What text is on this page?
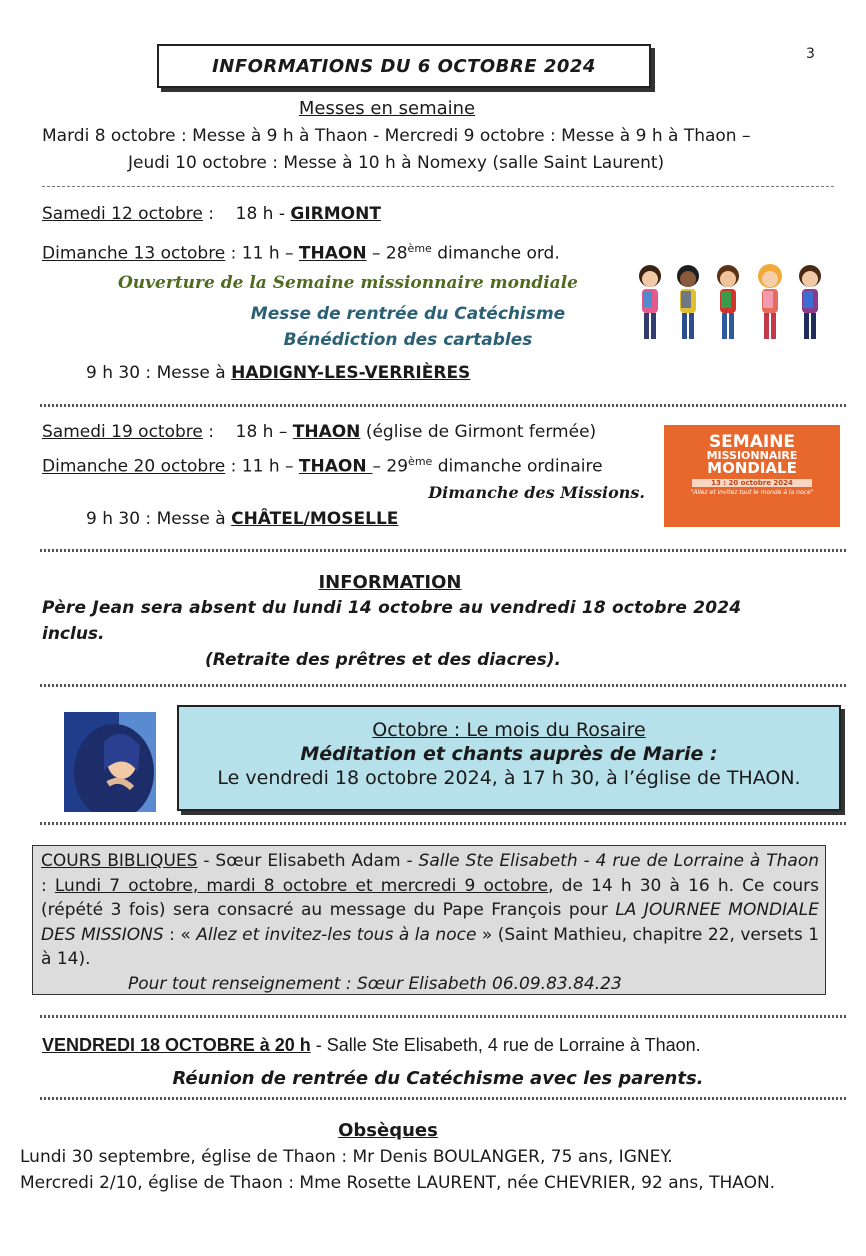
3
INFORMATIONS DU 6 OCTOBRE 2024
Messes en semaine
Mardi 8 octobre : Messe à 9 h à Thaon - Mercredi 9 octobre : Messe à 9 h à Thaon –
Jeudi 10 octobre : Messe à 10 h à Nomexy (salle Saint Laurent)
Samedi 12 octobre :    18 h - GIRMONT
Dimanche 13 octobre : 11 h – THAON – 28ème dimanche ord.
Ouverture de la Semaine missionnaire mondiale
Messe de rentrée du Catéchisme
Bénédiction des cartables
9 h 30 : Messe à HADIGNY-LES-VERRIÈRES
Samedi 19 octobre :    18 h – THAON (église de Girmont fermée)
Dimanche 20 octobre : 11 h – THAON – 29ème dimanche ordinaire
Dimanche des Missions.
9 h 30 : Messe à CHÂTEL/MOSELLE
SEMAINE
MISSIONNAIRE
MONDIALE
13 : 20 octobre 2024
"Allez et invitez tout le monde à la noce"
INFORMATION
Père Jean sera absent du lundi 14 octobre au vendredi 18 octobre 2024
inclus.
(Retraite des prêtres et des diacres).
Octobre : Le mois du Rosaire
Méditation et chants auprès de Marie :
Le vendredi 18 octobre 2024, à 17 h 30, à l’église de THAON.

COURS BIBLIQUES - Sœur Elisabeth Adam - Salle Ste Elisabeth - 4 rue de Lorraine à Thaon : Lundi 7 octobre, mardi 8 octobre et mercredi 9 octobre, de 14 h 30 à 16 h. Ce cours (répété 3 fois) sera consacré au message du Pape François pour LA JOURNEE MONDIALE DES MISSIONS : « Allez et invitez-les tous à la noce » (Saint Mathieu, chapitre 22, versets 1 à 14).

Pour tout renseignement : Sœur Elisabeth 06.09.83.84.23

VENDREDI 18 OCTOBRE à 20 h - Salle Ste Elisabeth, 4 rue de Lorraine à Thaon.
Réunion de rentrée du Catéchisme avec les parents.
Obsèques
Lundi 30 septembre, église de Thaon : Mr Denis BOULANGER, 75 ans, IGNEY.
Mercredi 2/10, église de Thaon : Mme Rosette LAURENT, née CHEVRIER, 92 ans, THAON.
